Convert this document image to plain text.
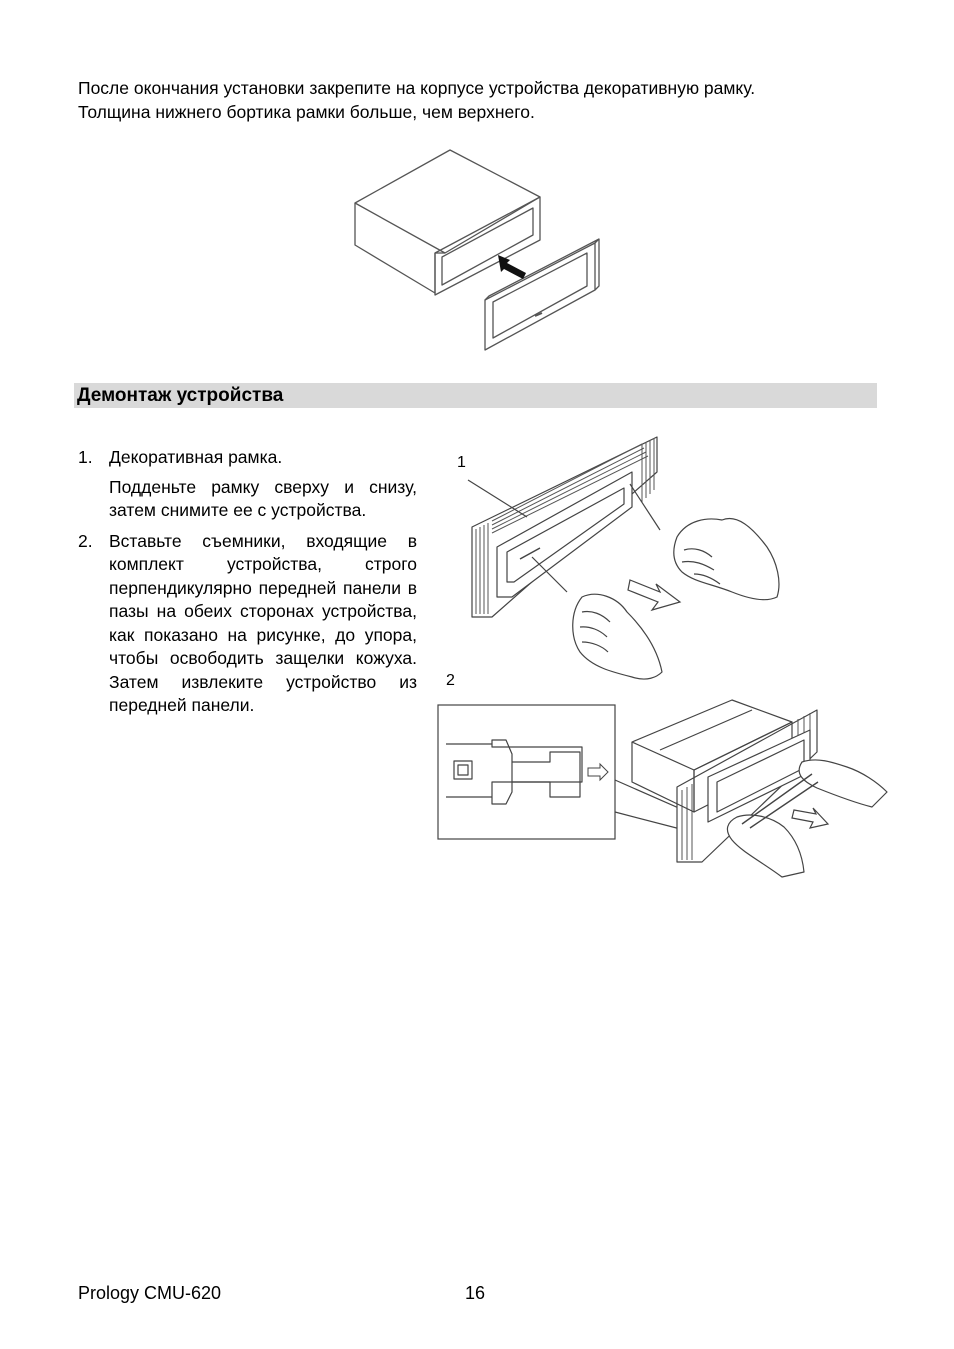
После окончания установки закрепите на корпусе устройства декоративную рамку.

Толщина нижнего бортика рамки больше, чем верхнего.

Демонтаж устройства
1. Декоративная рамка.
Подденьте рамку сверху и снизу, затем снимите ее с устройства.
2. Вставьте съемники, входящие в комплект устройства, строго перпендикулярно передней панели в пазы на обеих сторонах устройства, как показано на рисунке, до упора, чтобы освободить защелки кожуха. Затем извлеките устройство из передней панели.
1
2
Prology CMU-620	16
